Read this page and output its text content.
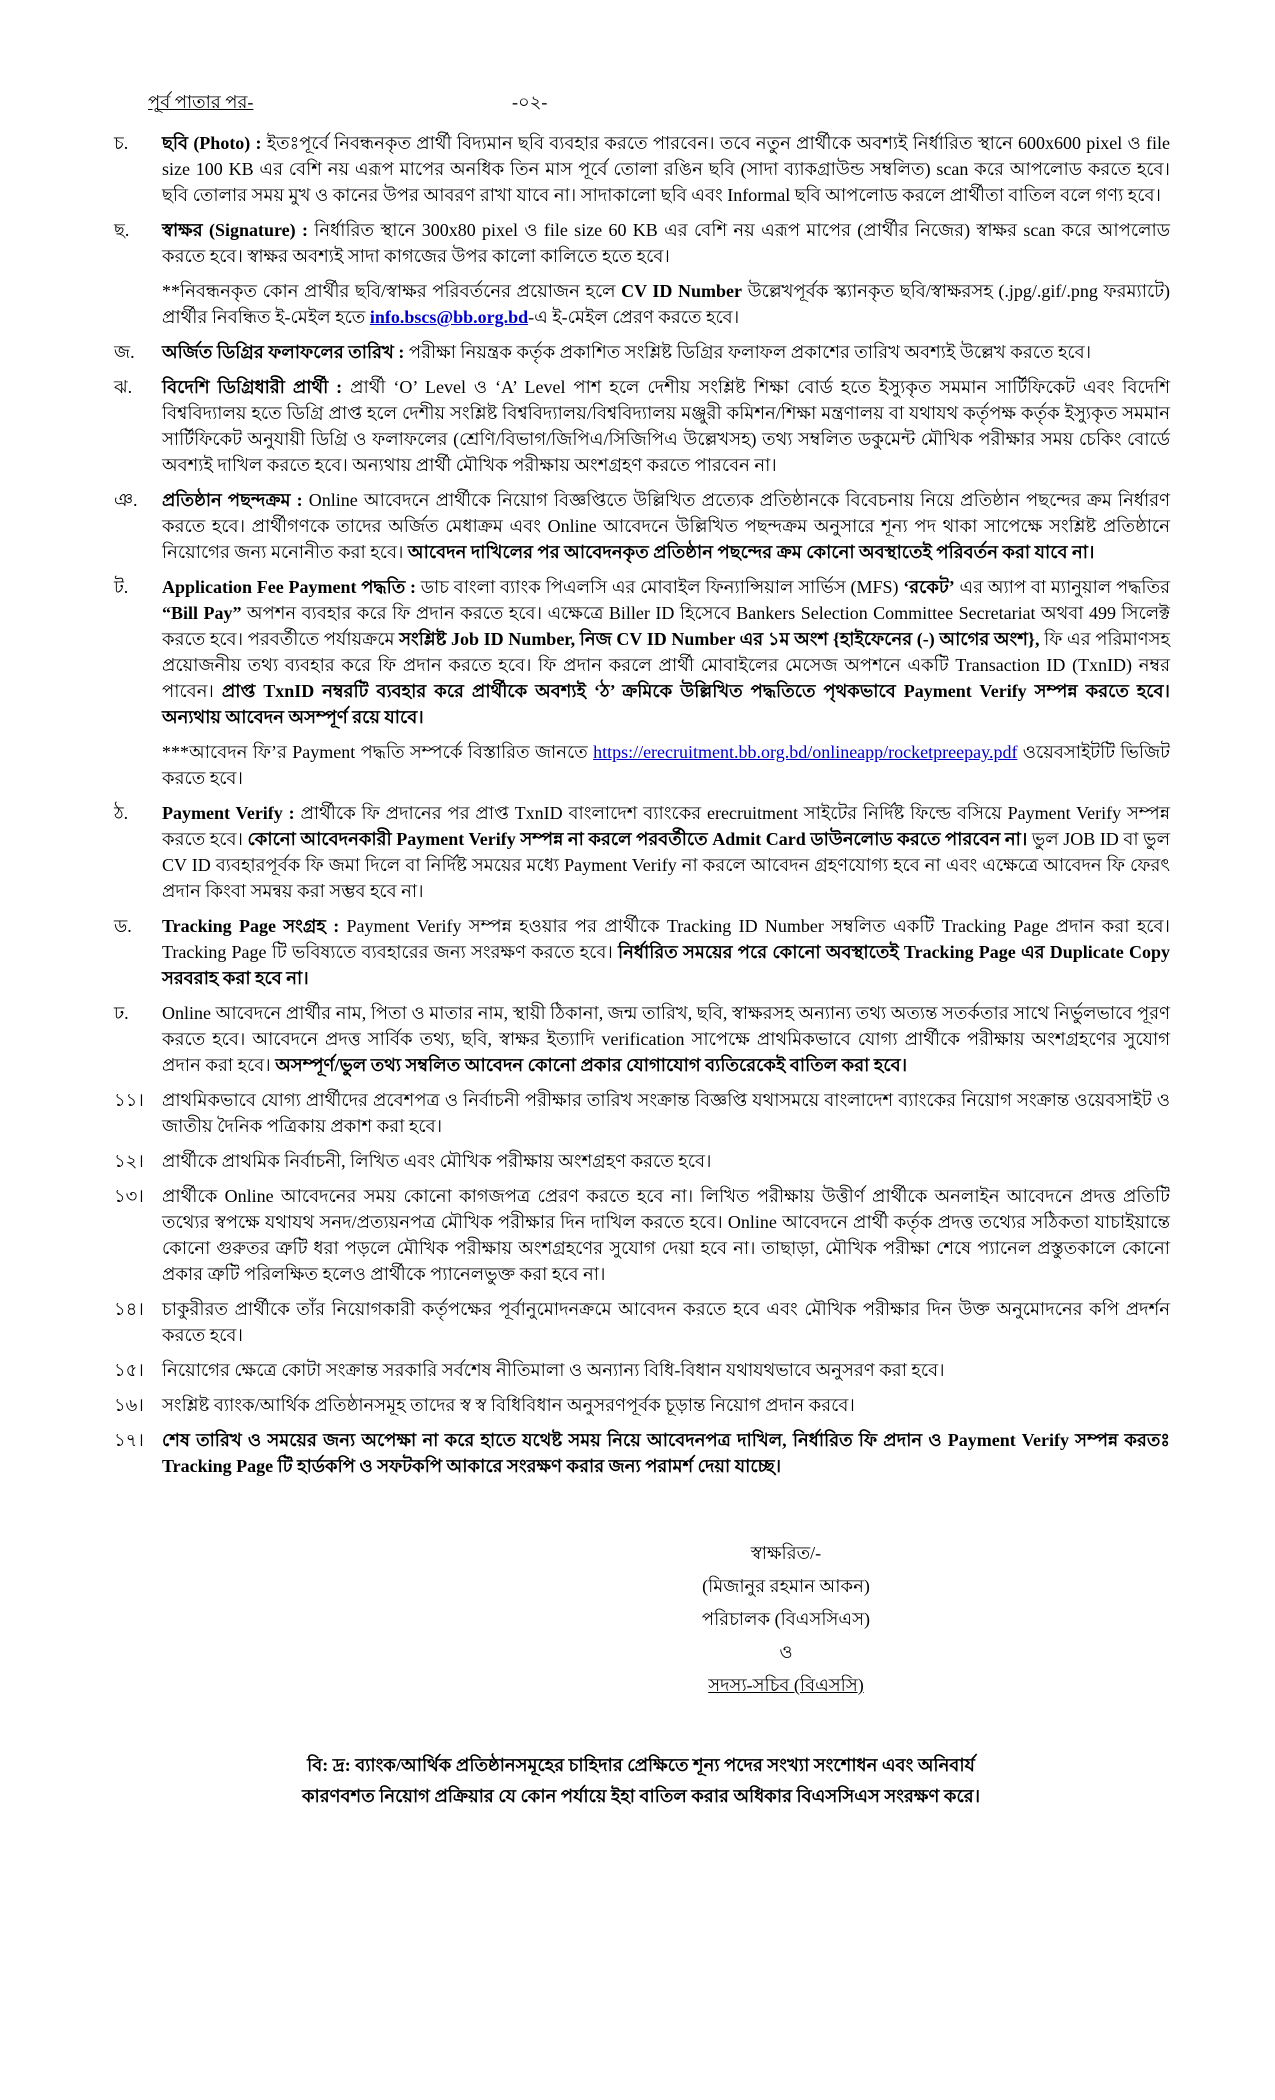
পূর্ব পাতার পর-	-০২-
চ. ছবি (Photo) : ইতঃপূর্বে নিবন্ধনকৃত প্রার্থী বিদ্যমান ছবি ব্যবহার করতে পারবেন। তবে নতুন প্রার্থীকে অবশ্যই নির্ধারিত স্থানে 600x600 pixel ও file size 100 KB এর বেশি নয় এরূপ মাপের অনধিক তিন মাস পূর্বে তোলা রঙিন ছবি (সাদা ব্যাকগ্রাউন্ড সম্বলিত) scan করে আপলোড করতে হবে। ছবি তোলার সময় মুখ ও কানের উপর আবরণ রাখা যাবে না। সাদাকালো ছবি এবং Informal ছবি আপলোড করলে প্রার্থীতা বাতিল বলে গণ্য হবে।
ছ. স্বাক্ষর (Signature) : নির্ধারিত স্থানে 300x80 pixel ও file size 60 KB এর বেশি নয় এরূপ মাপের (প্রার্থীর নিজের) স্বাক্ষর scan করে আপলোড করতে হবে। স্বাক্ষর অবশ্যই সাদা কাগজের উপর কালো কালিতে হতে হবে।
**নিবন্ধনকৃত কোন প্রার্থীর ছবি/স্বাক্ষর পরিবর্তনের প্রয়োজন হলে CV ID Number উল্লেখপূর্বক স্ক্যানকৃত ছবি/স্বাক্ষরসহ (.jpg/.gif/.png ফরম্যাটে) প্রার্থীর নিবন্ধিত ই-মেইল হতে info.bscs@bb.org.bd-এ ই-মেইল প্রেরণ করতে হবে।
জ. অর্জিত ডিগ্রির ফলাফলের তারিখ : পরীক্ষা নিয়ন্ত্রক কর্তৃক প্রকাশিত সংশ্লিষ্ট ডিগ্রির ফলাফল প্রকাশের তারিখ অবশ্যই উল্লেখ করতে হবে।
ঝ. বিদেশি ডিগ্রিধারী প্রার্থী : প্রার্থী ‘O’ Level ও ‘A’ Level পাশ হলে দেশীয় সংশ্লিষ্ট শিক্ষা বোর্ড হতে ইস্যুকৃত সমমান সার্টিফিকেট এবং বিদেশি বিশ্ববিদ্যালয় হতে ডিগ্রি প্রাপ্ত হলে দেশীয় সংশ্লিষ্ট বিশ্ববিদ্যালয়/বিশ্ববিদ্যালয় মঞ্জুরী কমিশন/শিক্ষা মন্ত্রণালয় বা যথাযথ কর্তৃপক্ষ কর্তৃক ইস্যুকৃত সমমান সার্টিফিকেট অনুযায়ী ডিগ্রি ও ফলাফলের (শ্রেণি/বিভাগ/জিপিএ/সিজিপিএ উল্লেখসহ) তথ্য সম্বলিত ডকুমেন্ট মৌখিক পরীক্ষার সময় চেকিং বোর্ডে অবশ্যই দাখিল করতে হবে। অন্যথায় প্রার্থী মৌখিক পরীক্ষায় অংশগ্রহণ করতে পারবেন না।
ঞ. প্রতিষ্ঠান পছন্দক্রম : Online আবেদনে প্রার্থীকে নিয়োগ বিজ্ঞপ্তিতে উল্লিখিত প্রত্যেক প্রতিষ্ঠানকে বিবেচনায় নিয়ে প্রতিষ্ঠান পছন্দের ক্রম নির্ধারণ করতে হবে। প্রার্থীগণকে তাদের অর্জিত মেধাক্রম এবং Online আবেদনে উল্লিখিত পছন্দক্রম অনুসারে শূন্য পদ থাকা সাপেক্ষে সংশ্লিষ্ট প্রতিষ্ঠানে নিয়োগের জন্য মনোনীত করা হবে। আবেদন দাখিলের পর আবেদনকৃত প্রতিষ্ঠান পছন্দের ক্রম কোনো অবস্থাতেই পরিবর্তন করা যাবে না।
ট. Application Fee Payment পদ্ধতি : ডাচ বাংলা ব্যাংক পিএলসি এর মোবাইল ফিন্যান্সিয়াল সার্ভিস (MFS) ‘রকেট’ এর অ্যাপ বা ম্যানুয়াল পদ্ধতির “Bill Pay” অপশন ব্যবহার করে ফি প্রদান করতে হবে। এক্ষেত্রে Biller ID হিসেবে Bankers Selection Committee Secretariat অথবা 499 সিলেক্ট করতে হবে। পরবর্তীতে পর্যায়ক্রমে সংশ্লিষ্ট Job ID Number, নিজ CV ID Number এর ১ম অংশ {হাইফেনের (-) আগের অংশ}, ফি এর পরিমাণসহ প্রয়োজনীয় তথ্য ব্যবহার করে ফি প্রদান করতে হবে। ফি প্রদান করলে প্রার্থী মোবাইলের মেসেজ অপশনে একটি Transaction ID (TxnID) নম্বর পাবেন। প্রাপ্ত TxnID নম্বরটি ব্যবহার করে প্রার্থীকে অবশ্যই ‘ঠ’ ক্রমিকে উল্লিখিত পদ্ধতিতে পৃথকভাবে Payment Verify সম্পন্ন করতে হবে। অন্যথায় আবেদন অসম্পূর্ণ রয়ে যাবে।
***আবেদন ফি’র Payment পদ্ধতি সম্পর্কে বিস্তারিত জানতে https://erecruitment.bb.org.bd/onlineapp/rocketpreepay.pdf ওয়েবসাইটটি ভিজিট করতে হবে।
ঠ. Payment Verify : প্রার্থীকে ফি প্রদানের পর প্রাপ্ত TxnID বাংলাদেশ ব্যাংকের erecruitment সাইটের নির্দিষ্ট ফিল্ডে বসিয়ে Payment Verify সম্পন্ন করতে হবে। কোনো আবেদনকারী Payment Verify সম্পন্ন না করলে পরবর্তীতে Admit Card ডাউনলোড করতে পারবেন না। ভুল JOB ID বা ভুল CV ID ব্যবহারপূর্বক ফি জমা দিলে বা নির্দিষ্ট সময়ের মধ্যে Payment Verify না করলে আবেদন গ্রহণযোগ্য হবে না এবং এক্ষেত্রে আবেদন ফি ফেরৎ প্রদান কিংবা সমন্বয় করা সম্ভব হবে না।
ড. Tracking Page সংগ্রহ : Payment Verify সম্পন্ন হওয়ার পর প্রার্থীকে Tracking ID Number সম্বলিত একটি Tracking Page প্রদান করা হবে। Tracking Page টি ভবিষ্যতে ব্যবহারের জন্য সংরক্ষণ করতে হবে। নির্ধারিত সময়ের পরে কোনো অবস্থাতেই Tracking Page এর Duplicate Copy সরবরাহ করা হবে না।
ঢ. Online আবেদনে প্রার্থীর নাম, পিতা ও মাতার নাম, স্থায়ী ঠিকানা, জন্ম তারিখ, ছবি, স্বাক্ষরসহ অন্যান্য তথ্য অত্যন্ত সতর্কতার সাথে নির্ভুলভাবে পূরণ করতে হবে। আবেদনে প্রদত্ত সার্বিক তথ্য, ছবি, স্বাক্ষর ইত্যাদি verification সাপেক্ষে প্রাথমিকভাবে যোগ্য প্রার্থীকে পরীক্ষায় অংশগ্রহণের সুযোগ প্রদান করা হবে। অসম্পূর্ণ/ভুল তথ্য সম্বলিত আবেদন কোনো প্রকার যোগাযোগ ব্যতিরেকেই বাতিল করা হবে।
১১। প্রাথমিকভাবে যোগ্য প্রার্থীদের প্রবেশপত্র ও নির্বাচনী পরীক্ষার তারিখ সংক্রান্ত বিজ্ঞপ্তি যথাসময়ে বাংলাদেশ ব্যাংকের নিয়োগ সংক্রান্ত ওয়েবসাইট ও জাতীয় দৈনিক পত্রিকায় প্রকাশ করা হবে।
১২। প্রার্থীকে প্রাথমিক নির্বাচনী, লিখিত এবং মৌখিক পরীক্ষায় অংশগ্রহণ করতে হবে।
১৩। প্রার্থীকে Online আবেদনের সময় কোনো কাগজপত্র প্রেরণ করতে হবে না। লিখিত পরীক্ষায় উত্তীর্ণ প্রার্থীকে অনলাইন আবেদনে প্রদত্ত প্রতিটি তথ্যের স্বপক্ষে যথাযথ সনদ/প্রত্যয়নপত্র মৌখিক পরীক্ষার দিন দাখিল করতে হবে। Online আবেদনে প্রার্থী কর্তৃক প্রদত্ত তথ্যের সঠিকতা যাচাইয়ান্তে কোনো গুরুতর ত্রুটি ধরা পড়লে মৌখিক পরীক্ষায় অংশগ্রহণের সুযোগ দেয়া হবে না। তাছাড়া, মৌখিক পরীক্ষা শেষে প্যানেল প্রস্তুতকালে কোনো প্রকার ত্রুটি পরিলক্ষিত হলেও প্রার্থীকে প্যানেলভুক্ত করা হবে না।
১৪। চাকুরীরত প্রার্থীকে তাঁর নিয়োগকারী কর্তৃপক্ষের পূর্বানুমোদনক্রমে আবেদন করতে হবে এবং মৌখিক পরীক্ষার দিন উক্ত অনুমোদনের কপি প্রদর্শন করতে হবে।
১৫। নিয়োগের ক্ষেত্রে কোটা সংক্রান্ত সরকারি সর্বশেষ নীতিমালা ও অন্যান্য বিধি-বিধান যথাযথভাবে অনুসরণ করা হবে।
১৬। সংশ্লিষ্ট ব্যাংক/আর্থিক প্রতিষ্ঠানসমূহ তাদের স্ব স্ব বিধিবিধান অনুসরণপূর্বক চূড়ান্ত নিয়োগ প্রদান করবে।
১৭। শেষ তারিখ ও সময়ের জন্য অপেক্ষা না করে হাতে যথেষ্ট সময় নিয়ে আবেদনপত্র দাখিল, নির্ধারিত ফি প্রদান ও Payment Verify সম্পন্ন করতঃ Tracking Page টি হার্ডকপি ও সফটকপি আকারে সংরক্ষণ করার জন্য পরামর্শ দেয়া যাচ্ছে।
স্বাক্ষরিত/-
(মিজানুর রহমান আকন)
পরিচালক (বিএসসিএস)
ও
সদস্য-সচিব (বিএসসি)
বি: দ্র: ব্যাংক/আর্থিক প্রতিষ্ঠানসমূহের চাহিদার প্রেক্ষিতে শূন্য পদের সংখ্যা সংশোধন এবং অনিবার্য
কারণবশত নিয়োগ প্রক্রিয়ার যে কোন পর্যায়ে ইহা বাতিল করার অধিকার বিএসসিএস সংরক্ষণ করে।
